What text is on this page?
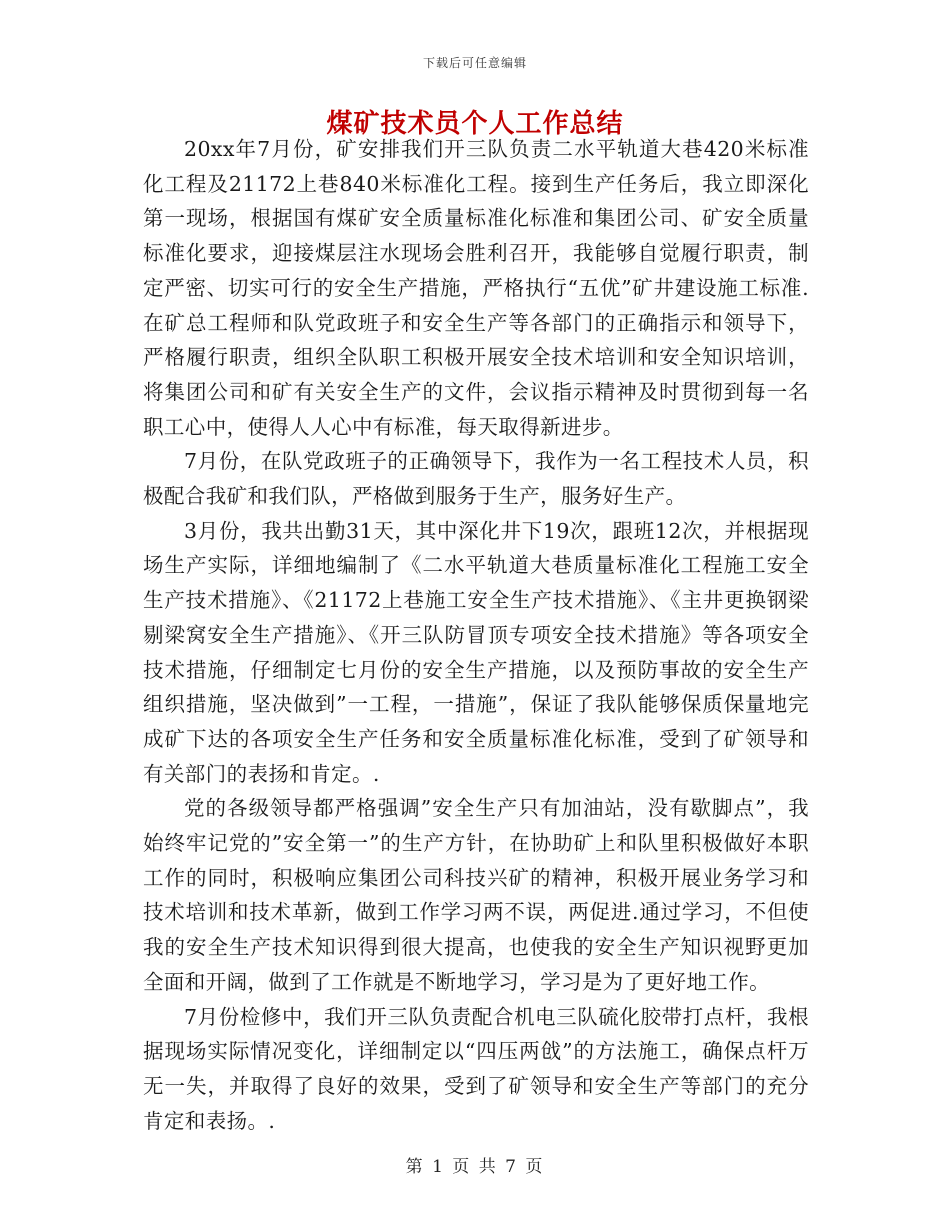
下载后可任意编辑
煤矿技术员个人工作总结

20xx年7月份，矿安排我们开三队负责二水平轨道大巷420米标准化工程及21172上巷840米标准化工程。接到生产任务后，我立即深化第一现场，根据国有煤矿安全质量标准化标准和集团公司、矿安全质量标准化要求，迎接煤层注水现场会胜利召开，我能够自觉履行职责，制定严密、切实可行的安全生产措施，严格执行“五优”矿井建设施工标准.在矿总工程师和队党政班子和安全生产等各部门的正确指示和领导下，严格履行职责，组织全队职工积极开展安全技术培训和安全知识培训，将集团公司和矿有关安全生产的文件，会议指示精神及时贯彻到每一名职工心中，使得人人心中有标准，每天取得新进步。

7月份，在队党政班子的正确领导下，我作为一名工程技术人员，积极配合我矿和我们队，严格做到服务于生产，服务好生产。

3月份，我共出勤31天，其中深化井下19次，跟班12次，并根据现场生产实际，详细地编制了《二水平轨道大巷质量标准化工程施工安全生产技术措施》、《21172上巷施工安全生产技术措施》、《主井更换钢梁剔梁窝安全生产措施》、《开三队防冒顶专项安全技术措施》等各项安全技术措施，仔细制定七月份的安全生产措施，以及预防事故的安全生产组织措施，坚决做到”一工程，一措施”，保证了我队能够保质保量地完成矿下达的各项安全生产任务和安全质量标准化标准，受到了矿领导和有关部门的表扬和肯定。.

党的各级领导都严格强调”安全生产只有加油站，没有歇脚点”，我始终牢记党的”安全第一”的生产方针，在协助矿上和队里积极做好本职工作的同时，积极响应集团公司科技兴矿的精神，积极开展业务学习和技术培训和技术革新，做到工作学习两不误，两促进.通过学习，不但使我的安全生产技术知识得到很大提高，也使我的安全生产知识视野更加全面和开阔，做到了工作就是不断地学习，学习是为了更好地工作。

7月份检修中，我们开三队负责配合机电三队硫化胶带打点杆，我根据现场实际情况变化，详细制定以“四压两戗”的方法施工，确保点杆万无一失，并取得了良好的效果，受到了矿领导和安全生产等部门的充分肯定和表扬。.

第 1 页 共 7 页
